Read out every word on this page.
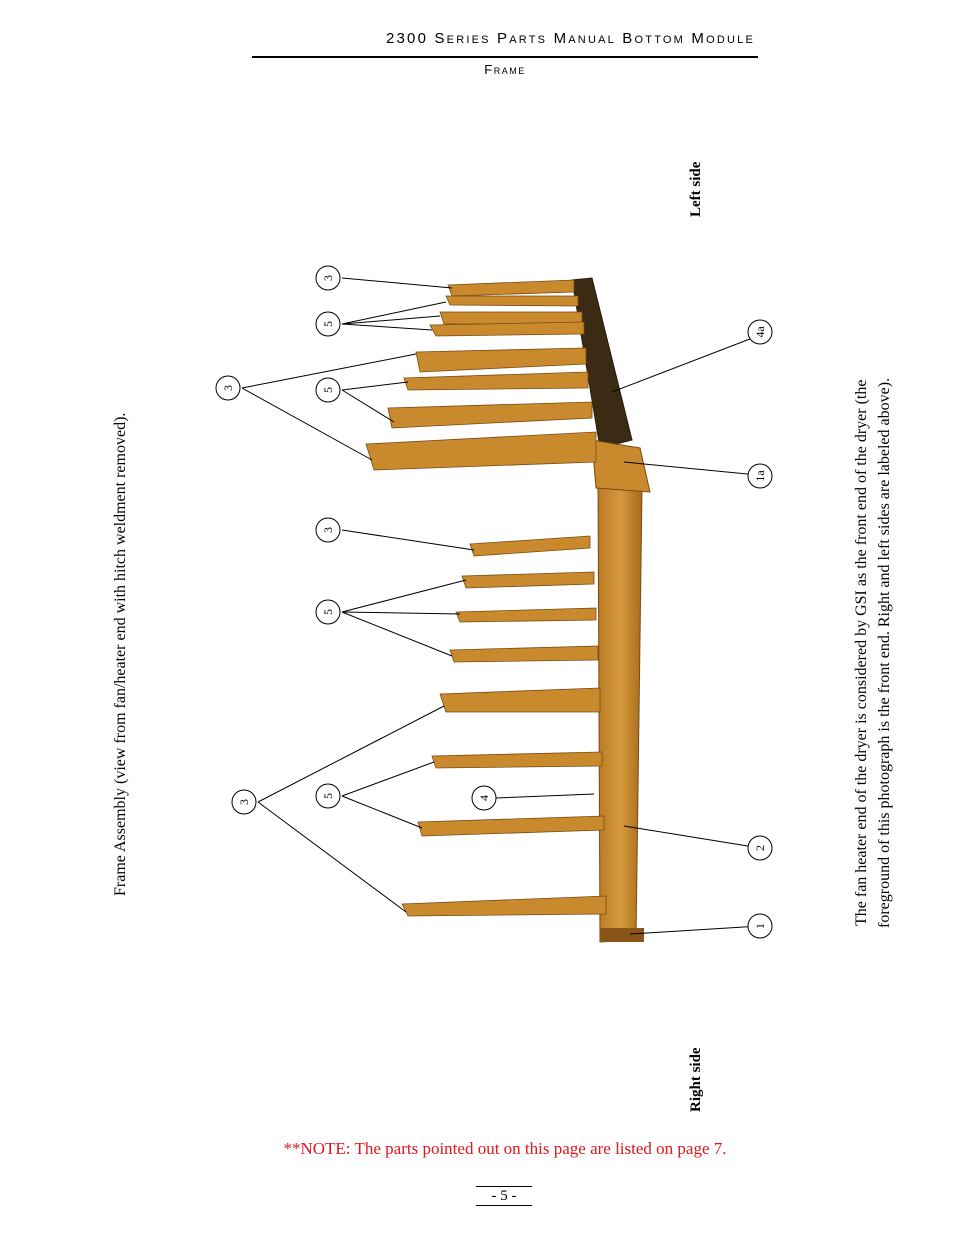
2300 Series Parts Manual Bottom Module
Frame
Frame Assembly (view from fan/heater end with hitch weldment removed).
Left side
Right side
The fan heater end of the dryer is considered by GSI as the front end of the dryer (the foreground of this photograph is the front end. Right and left sides are labeled above).
3
5
4a
3	5
1a
3
5
3
5	4
2
1
**NOTE: The parts pointed out on this page are listed on page 7.
- 5 -
